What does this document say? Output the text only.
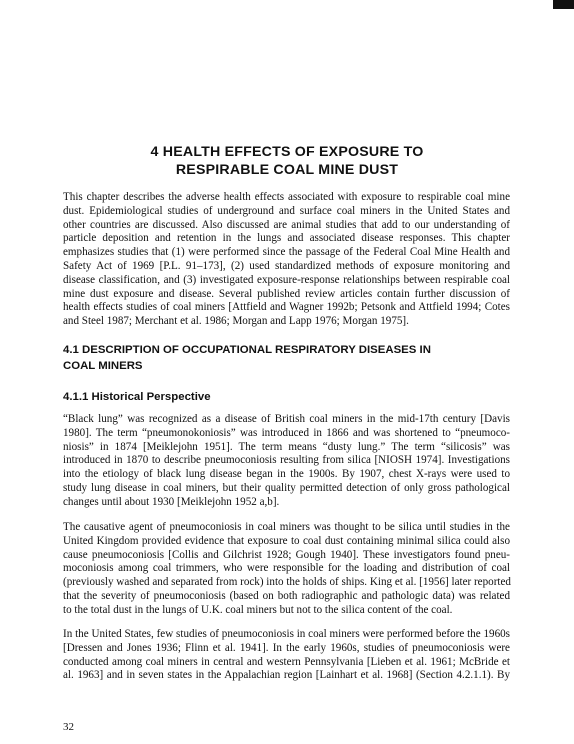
4 HEALTH EFFECTS OF EXPOSURE TO
RESPIRABLE COAL MINE DUST

This chapter describes the adverse health effects associated with exposure to respirable coal mine
dust. Epidemiological studies of underground and surface coal miners in the United States and
other countries are discussed. Also discussed are animal studies that add to our understanding of
particle deposition and retention in the lungs and associated disease responses. This chapter
emphasizes studies that (1) were performed since the passage of the Federal Coal Mine Health and
Safety Act of 1969 [P.L. 91–173], (2) used standardized methods of exposure monitoring and
disease classification, and (3) investigated exposure-response relationships between respirable coal
mine dust exposure and disease. Several published review articles contain further discussion of
health effects studies of coal miners [Attfield and Wagner 1992b; Petsonk and Attfield 1994; Cotes
and Steel 1987; Merchant et al. 1986; Morgan and Lapp 1976; Morgan 1975].

4.1 DESCRIPTION OF OCCUPATIONAL RESPIRATORY DISEASES IN
COAL MINERS
4.1.1 Historical Perspective

“Black lung” was recognized as a disease of British coal miners in the mid-17th century [Davis
1980]. The term “pneumonokoniosis” was introduced in 1866 and was shortened to “pneumoco-
niosis” in 1874 [Meiklejohn 1951]. The term means “dusty lung.” The term “silicosis” was
introduced in 1870 to describe pneumoconiosis resulting from silica [NIOSH 1974]. Investigations
into the etiology of black lung disease began in the 1900s. By 1907, chest X-rays were used to
study lung disease in coal miners, but their quality permitted detection of only gross pathological
changes until about 1930 [Meiklejohn 1952 a,b].

The causative agent of pneumoconiosis in coal miners was thought to be silica until studies in the
United Kingdom provided evidence that exposure to coal dust containing minimal silica could also
cause pneumoconiosis [Collis and Gilchrist 1928; Gough 1940]. These investigators found pneu-
moconiosis among coal trimmers, who were responsible for the loading and distribution of coal
(previously washed and separated from rock) into the holds of ships. King et al. [1956] later reported
that the severity of pneumoconiosis (based on both radiographic and pathologic data) was related
to the total dust in the lungs of U.K. coal miners but not to the silica content of the coal.

In the United States, few studies of pneumoconiosis in coal miners were performed before the 1960s
[Dressen and Jones 1936; Flinn et al. 1941]. In the early 1960s, studies of pneumoconiosis were
conducted among coal miners in central and western Pennsylvania [Lieben et al. 1961; McBride et
al. 1963] and in seven states in the Appalachian region [Lainhart et al. 1968] (Section 4.2.1.1). By

32
